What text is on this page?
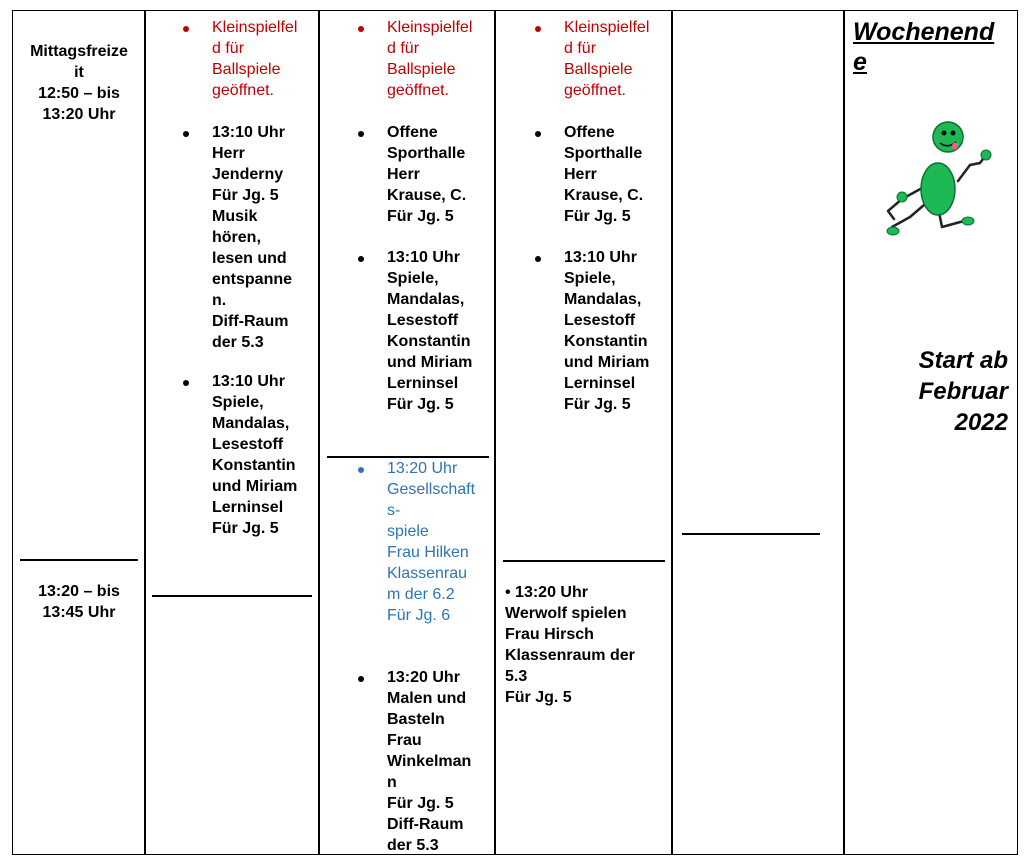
Mittagsfreize
it
12:50 – bis
13:20 Uhr
13:20 – bis
13:45 Uhr
Kleinspielfel
d für
Ballspiele
geöffnet.
13:10 Uhr
Herr
Jenderny
Für Jg. 5
Musik
hören,
lesen und
entspanne
n.
Diff-Raum
der 5.3
13:10 Uhr
Spiele,
Mandalas,
Lesestoff
Konstantin
und Miriam
Lerninsel
Für Jg. 5
Kleinspielfel
d für
Ballspiele
geöffnet.
Offene
Sporthalle
Herr
Krause, C.
Für Jg. 5
13:10 Uhr
Spiele,
Mandalas,
Lesestoff
Konstantin
und Miriam
Lerninsel
Für Jg. 5
13:20 Uhr
Gesellschaft
s-
spiele
Frau Hilken
Klassenrau
m der 6.2
Für Jg. 6
13:20 Uhr
Malen und
Basteln
Frau
Winkelman
n
Für Jg. 5
Diff-Raum
der 5.3
Kleinspielfel
d für
Ballspiele
geöffnet.
Offene
Sporthalle
Herr
Krause, C.
Für Jg. 5
13:10 Uhr
Spiele,
Mandalas,
Lesestoff
Konstantin
und Miriam
Lerninsel
Für Jg. 5
• 13:20 Uhr
Werwolf spielen
Frau Hirsch
Klassenraum der
5.3
Für Jg. 5
Wochenend
e
Start ab
Februar
2022
